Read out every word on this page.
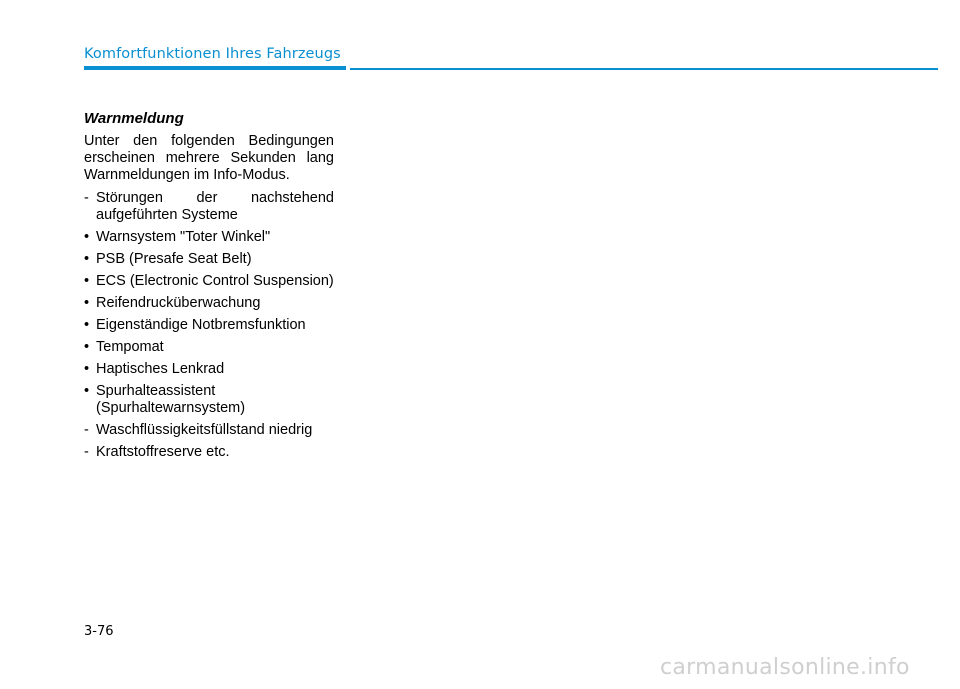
Komfortfunktionen Ihres Fahrzeugs
Warnmeldung
Unter den folgenden Bedingungen erscheinen mehrere Sekunden lang Warnmeldungen im Info-Modus.
- Störungen der nachstehend aufgeführten Systeme
• Warnsystem "Toter Winkel"
• PSB (Presafe Seat Belt)
• ECS (Electronic Control Suspension)
• Reifendrucküberwachung
• Eigenständige Notbremsfunktion
• Tempomat
• Haptisches Lenkrad
• Spurhalteassistent (Spurhaltewarnsystem)
- Waschflüssigkeitsfüllstand niedrig
- Kraftstoffreserve etc.
3-76
carmanualsonline.info
